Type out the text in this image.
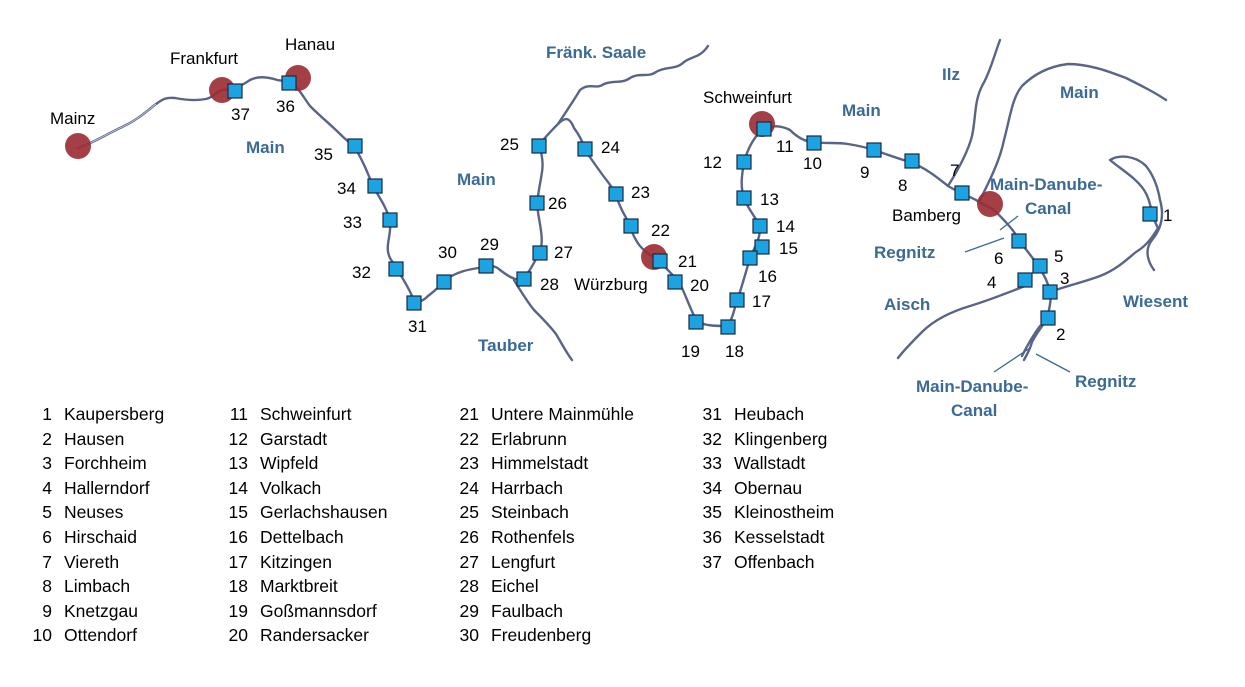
Mainz
Frankfurt
Hanau
Schweinfurt
Würzburg
Bamberg
Main
Main
Main
Main
Fränk. Saale
Tauber
Ilz
Main-Danube-
Canal
Regnitz
Aisch	Wiesent
Main-Danube-
Canal
Regnitz
1
2
3
4
5
6
7
8
9
10
11
12
13
14
15
16
17
18
19
20
21
22
23
24
25
26
27
28
29
30
31
32
33
34
35
36
37
1 Kaupersberg
2 Hausen
3 Forchheim
4 Hallerndorf
5 Neuses
6 Hirschaid
7 Viereth
8 Limbach
9 Knetzgau
10 Ottendorf
11 Schweinfurt
12 Garstadt
13 Wipfeld
14 Volkach
15 Gerlachshausen
16 Dettelbach
17 Kitzingen
18 Marktbreit
19 Goßmannsdorf
20 Randersacker
21 Untere Mainmühle
22 Erlabrunn
23 Himmelstadt
24 Harrbach
25 Steinbach
26 Rothenfels
27 Lengfurt
28 Eichel
29 Faulbach
30 Freudenberg
31 Heubach
32 Klingenberg
33 Wallstadt
34 Obernau
35 Kleinostheim
36 Kesselstadt
37 Offenbach
